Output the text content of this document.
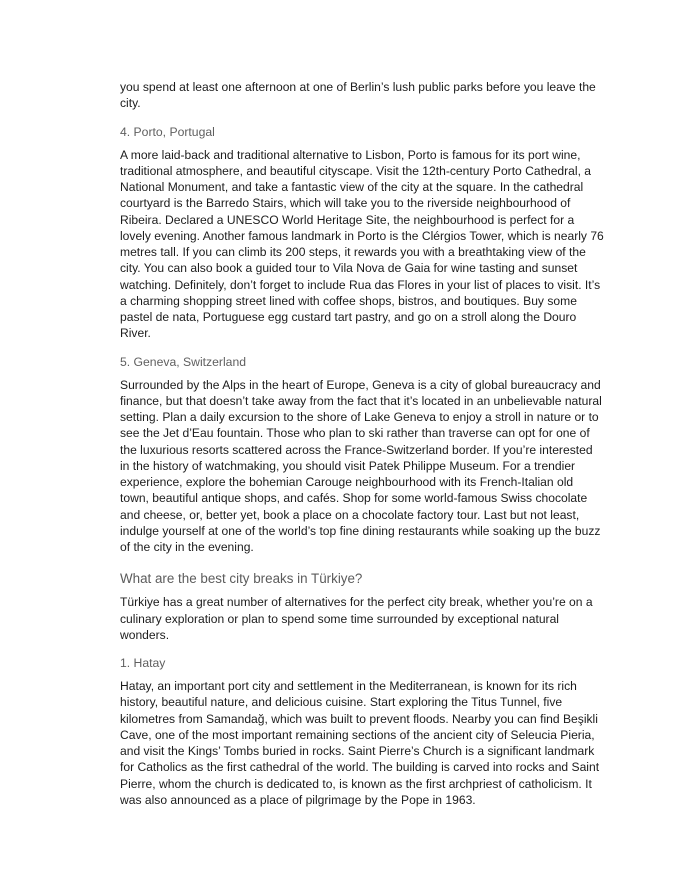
you spend at least one afternoon at one of Berlin’s lush public parks before you leave the city.

4. Porto, Portugal

A more laid-back and traditional alternative to Lisbon, Porto is famous for its port wine, traditional atmosphere, and beautiful cityscape. Visit the 12th-century Porto Cathedral, a National Monument, and take a fantastic view of the city at the square. In the cathedral courtyard is the Barredo Stairs, which will take you to the riverside neighbourhood of Ribeira. Declared a UNESCO World Heritage Site, the neighbourhood is perfect for a lovely evening. Another famous landmark in Porto is the Clérgios Tower, which is nearly 76 metres tall. If you can climb its 200 steps, it rewards you with a breathtaking view of the city. You can also book a guided tour to Vila Nova de Gaia for wine tasting and sunset watching. Definitely, don’t forget to include Rua das Flores in your list of places to visit. It’s a charming shopping street lined with coffee shops, bistros, and boutiques. Buy some pastel de nata, Portuguese egg custard tart pastry, and go on a stroll along the Douro River.

5. Geneva, Switzerland

Surrounded by the Alps in the heart of Europe, Geneva is a city of global bureaucracy and finance, but that doesn’t take away from the fact that it’s located in an unbelievable natural setting. Plan a daily excursion to the shore of Lake Geneva to enjoy a stroll in nature or to see the Jet d’Eau fountain. Those who plan to ski rather than traverse can opt for one of the luxurious resorts scattered across the France-Switzerland border. If you’re interested in the history of watchmaking, you should visit Patek Philippe Museum. For a trendier experience, explore the bohemian Carouge neighbourhood with its French-Italian old town, beautiful antique shops, and cafés. Shop for some world-famous Swiss chocolate and cheese, or, better yet, book a place on a chocolate factory tour. Last but not least, indulge yourself at one of the world’s top fine dining restaurants while soaking up the buzz of the city in the evening.

What are the best city breaks in Türkiye?

Türkiye has a great number of alternatives for the perfect city break, whether you’re on a culinary exploration or plan to spend some time surrounded by exceptional natural wonders.

1. Hatay

Hatay, an important port city and settlement in the Mediterranean, is known for its rich history, beautiful nature, and delicious cuisine. Start exploring the Titus Tunnel, five kilometres from Samandağ, which was built to prevent floods. Nearby you can find Beşikli Cave, one of the most important remaining sections of the ancient city of Seleucia Pieria, and visit the Kings’ Tombs buried in rocks. Saint Pierre’s Church is a significant landmark for Catholics as the first cathedral of the world. The building is carved into rocks and Saint Pierre, whom the church is dedicated to, is known as the first archpriest of catholicism. It was also announced as a place of pilgrimage by the Pope in 1963.
